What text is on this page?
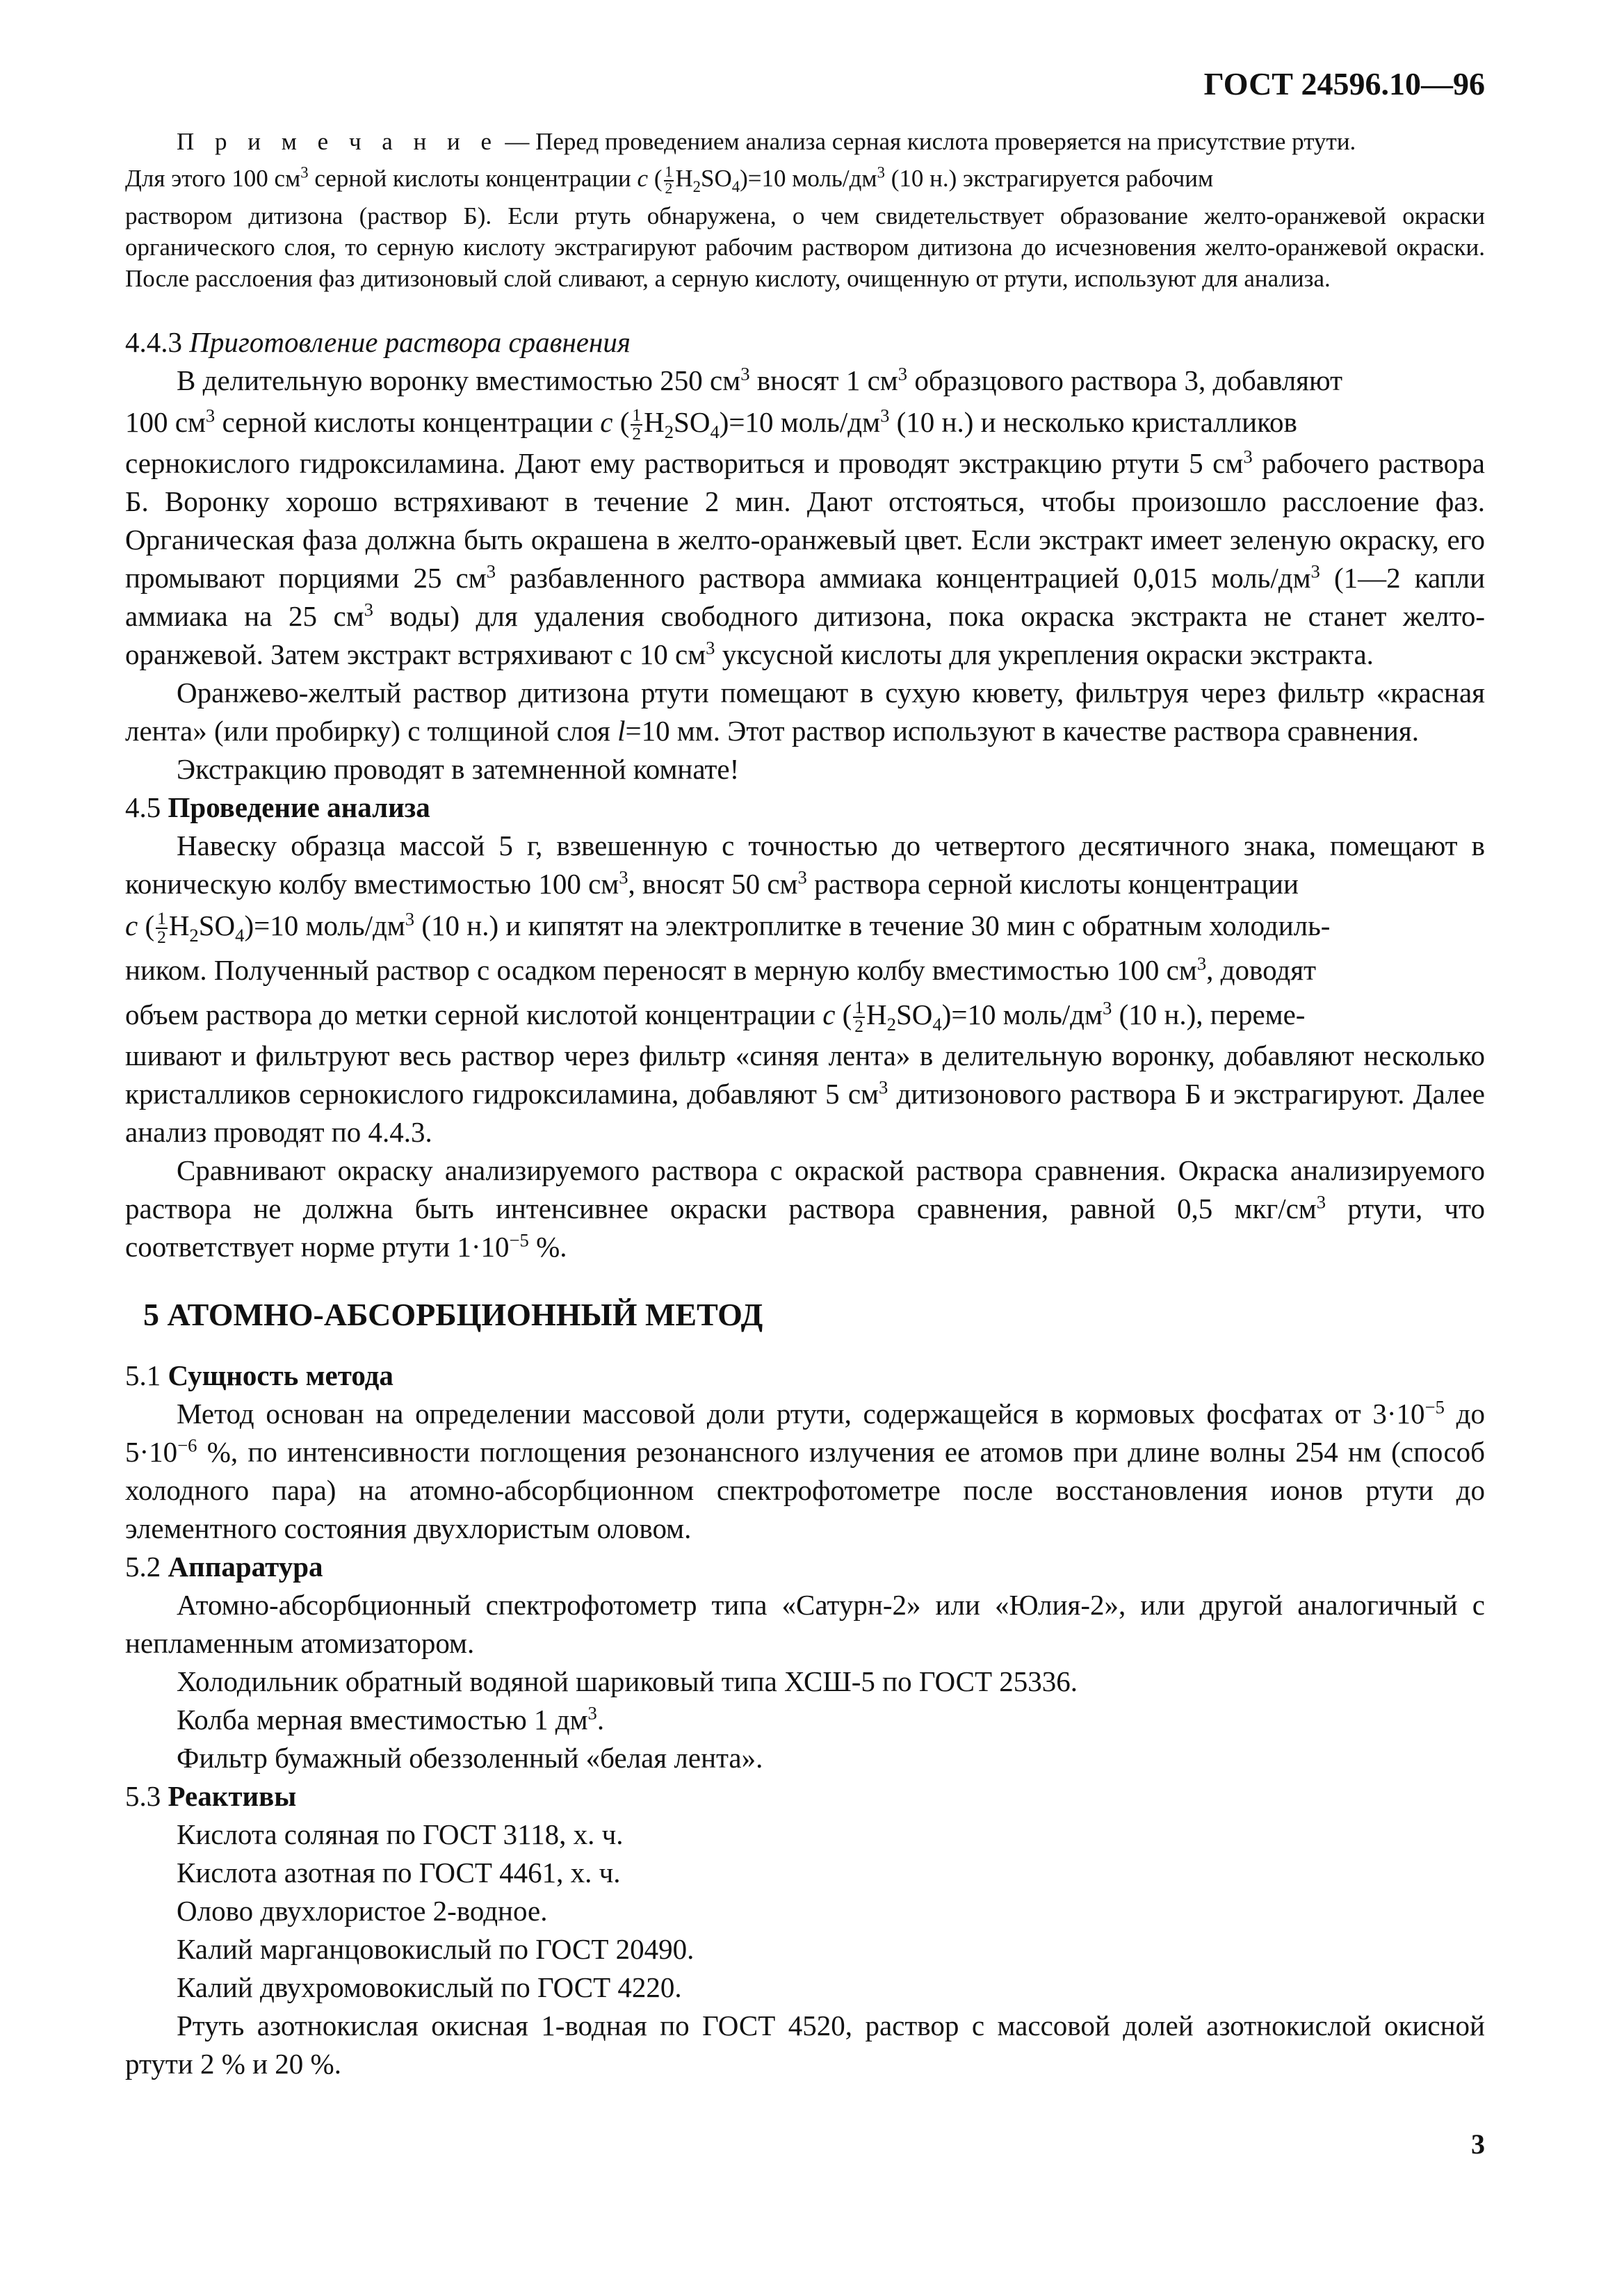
ГОСТ 24596.10—96

П р и м е ч а н и е — Перед проведением анализа серная кислота проверяется на присутствие ртути.

Для этого 100 $см^3$ серной кислоты концентрации c ( $\frac{1}{2} H_2SO_4)=10$ моль/$дм^3$ (10 н.) экстрагируется рабочим

раствором дитизона (раствор Б). Если ртуть обнаружена, о чем свидетельствует образование желто-оранжевой окраски органического слоя, то серную кислоту экстрагируют рабочим раствором дитизона до исчезновения желто-оранжевой окраски. После расслоения фаз дитизоновый слой сливают, а серную кислоту, очищенную от ртути, используют для анализа.

4.4.3 Приготовление раствора сравнения

В делительную воронку вместимостью 250 $см^3$ вносят 1 $см^3$ образцового раствора 3, добавляют

100 $см^3$ серной кислоты концентрации c ( $\frac{1}{2} H_2SO_4)=10$ моль/$дм^3$ (10 н.) и несколько кристалликов

сернокислого гидроксиламина. Дают ему раствориться и проводят экстракцию ртути 5 $см^3$ рабочего раствора Б. Воронку хорошо встряхивают в течение 2 мин. Дают отстояться, чтобы произошло расслоение фаз. Органическая фаза должна быть окрашена в желто-оранжевый цвет. Если экстракт имеет зеленую окраску, его промывают порциями 25 $см^3$ разбавленного раствора аммиака концентрацией 0,015 моль/$дм^3$ (1—2 капли аммиака на 25 $см^3$ воды) для удаления свободного дитизона, пока окраска экстракта не станет желто-оранжевой. Затем экстракт встряхивают с 10 $см^3$ уксусной кислоты для укрепления окраски экстракта.

Оранжево-желтый раствор дитизона ртути помещают в сухую кювету, фильтруя через фильтр «красная лента» (или пробирку) с толщиной слоя l=10 мм. Этот раствор используют в качестве раствора сравнения.

Экстракцию проводят в затемненной комнате!

4.5 Проведение анализа

Навеску образца массой 5 г, взвешенную с точностью до четвертого десятичного знака, помещают в коническую колбу вместимостью 100 $см^3$, вносят 50 $см^3$ раствора серной кислоты концентрации

c ( $\frac{1}{2} H_2SO_4)=10$ моль/$дм^3$ (10 н.) и кипятят на электроплитке в течение 30 мин с обратным холодиль-

ником. Полученный раствор с осадком переносят в мерную колбу вместимостью 100 $см^3$, доводят

объем раствора до метки серной кислотой концентрации c ( $\frac{1}{2} H_2SO_4)=10$ моль/$дм^3$ (10 н.), переме-

шивают и фильтруют весь раствор через фильтр «синяя лента» в делительную воронку, добавляют несколько кристалликов сернокислого гидроксиламина, добавляют 5 $см^3$ дитизонового раствора Б и экстрагируют. Далее анализ проводят по 4.4.3.

Сравнивают окраску анализируемого раствора с окраской раствора сравнения. Окраска анализируемого раствора не должна быть интенсивнее окраски раствора сравнения, равной 0,5 мкг/$см^3$ ртути, что соответствует норме ртути $1\cdot 10^{-5}$ %.

5 АТОМНО-АБСОРБЦИОННЫЙ МЕТОД

5.1 Сущность метода

Метод основан на определении массовой доли ртути, содержащейся в кормовых фосфатах от $3\cdot 10^{-5}$ до $5\cdot 10^{-6}$ %, по интенсивности поглощения резонансного излучения ее атомов при длине волны 254 нм (способ холодного пара) на атомно-абсорбционном спектрофотометре после восстановления ионов ртути до элементного состояния двухлористым оловом.

5.2 Аппаратура

Атомно-абсорбционный спектрофотометр типа «Сатурн-2» или «Юлия-2», или другой аналогичный с непламенным атомизатором.

Холодильник обратный водяной шариковый типа ХСШ-5 по ГОСТ 25336.

Колба мерная вместимостью 1 $дм^3$.

Фильтр бумажный обеззоленный «белая лента».

5.3 Реактивы

Кислота соляная по ГОСТ 3118, х. ч.

Кислота азотная по ГОСТ 4461, х. ч.

Олово двухлористое 2-водное.

Калий марганцовокислый по ГОСТ 20490.

Калий двухромовокислый по ГОСТ 4220.

Ртуть азотнокислая окисная 1-водная по ГОСТ 4520, раствор с массовой долей азотнокислой окисной ртути 2 % и 20 %.

3
